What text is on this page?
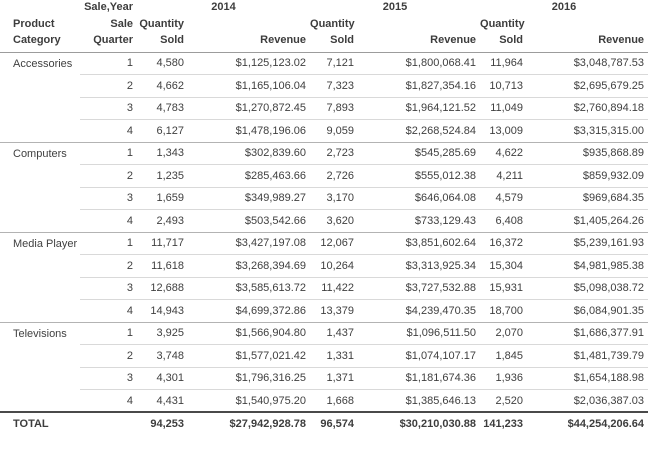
	Sale,Year	2014		2015		2016	
Product Category	Sale Quarter	Quantity Sold	Revenue	Quantity Sold	Revenue	Quantity Sold	Revenue
Accessories	1	4,580	$1,125,123.02	7,121	$1,800,068.41	11,964	$3,048,787.53
	2	4,662	$1,165,106.04	7,323	$1,827,354.16	10,713	$2,695,679.25
	3	4,783	$1,270,872.45	7,893	$1,964,121.52	11,049	$2,760,894.18
	4	6,127	$1,478,196.06	9,059	$2,268,524.84	13,009	$3,315,315.00
Computers	1	1,343	$302,839.60	2,723	$545,285.69	4,622	$935,868.89
	2	1,235	$285,463.66	2,726	$555,012.38	4,211	$859,932.09
	3	1,659	$349,989.27	3,170	$646,064.08	4,579	$969,684.35
	4	2,493	$503,542.66	3,620	$733,129.43	6,408	$1,405,264.26
Media Player	1	11,717	$3,427,197.08	12,067	$3,851,602.64	16,372	$5,239,161.93
	2	11,618	$3,268,394.69	10,264	$3,313,925.34	15,304	$4,981,985.38
	3	12,688	$3,585,613.72	11,422	$3,727,532.88	15,931	$5,098,038.72
	4	14,943	$4,699,372.86	13,379	$4,239,470.35	18,700	$6,084,901.35
Televisions	1	3,925	$1,566,904.80	1,437	$1,096,511.50	2,070	$1,686,377.91
	2	3,748	$1,577,021.42	1,331	$1,074,107.17	1,845	$1,481,739.79
	3	4,301	$1,796,316.25	1,371	$1,181,674.36	1,936	$1,654,188.98
	4	4,431	$1,540,975.20	1,668	$1,385,646.13	2,520	$2,036,387.03
TOTAL		94,253	$27,942,928.78	96,574	$30,210,030.88	141,233	$44,254,206.64
